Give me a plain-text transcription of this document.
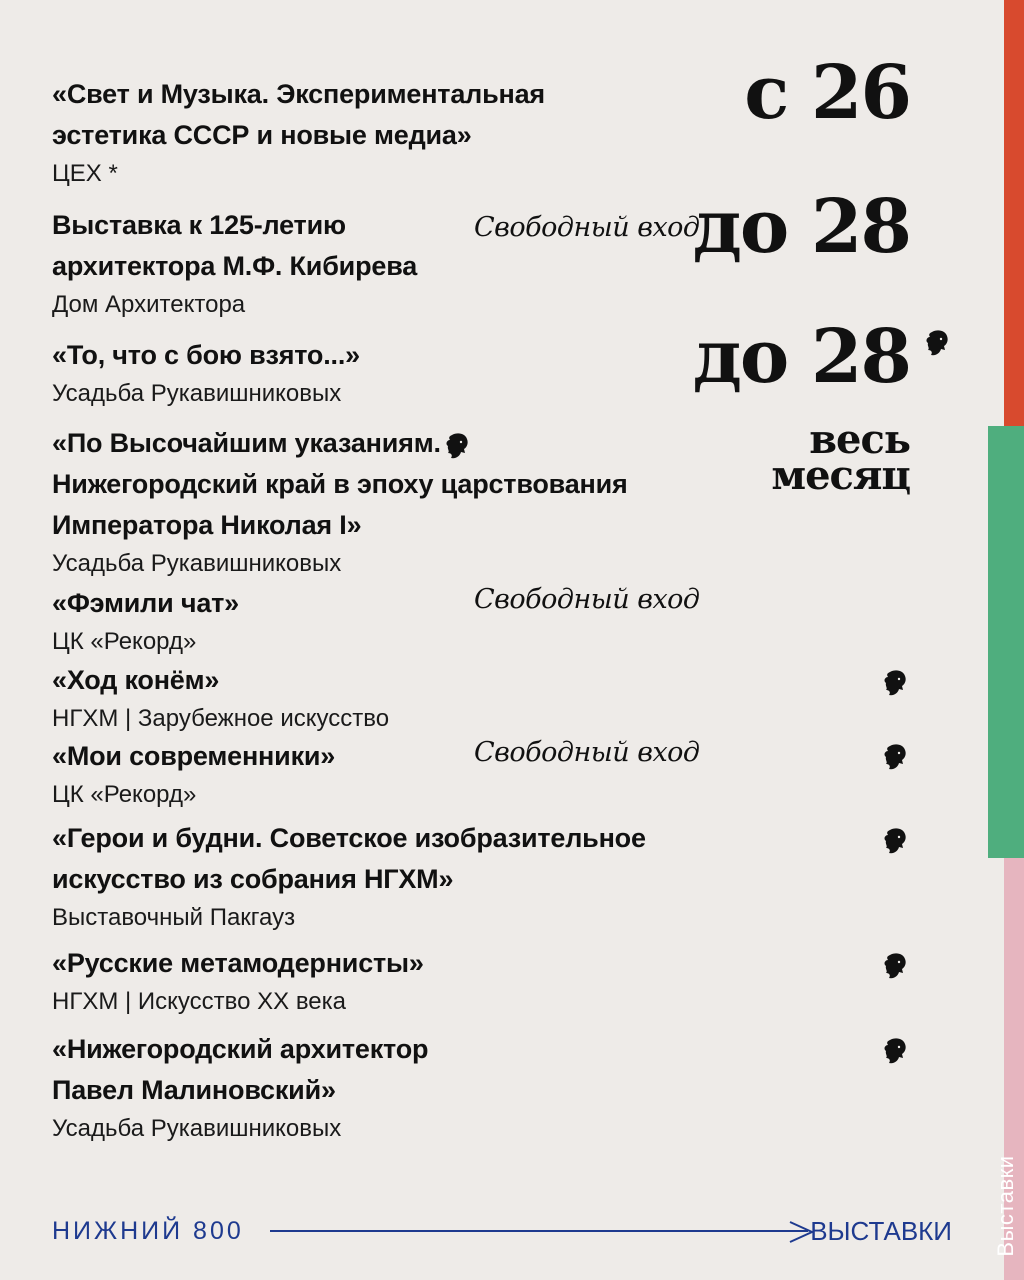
Выставки
«Свет и Музыка. Экспериментальная
эстетика СССР и новые медиа»
ЦЕХ *
с 26
Выставка к 125-летию
архитектора М.Ф. Кибирева
Дом Архитектора
Свободный вход
до 28
«То, что с бою взято...»
Усадьба Рукавишниковых	до 28
«По Высочайшим указаниям.
Нижегородский край в эпоху царствования
Императора Николая I»
Усадьба Рукавишниковых
весь
месяц
«Фэмили чат»
ЦК «Рекорд»
Свободный вход
«Ход конём»
НГХМ | Зарубежное искусство
«Мои современники»
ЦК «Рекорд»
Свободный вход
«Герои и будни. Советское изобразительное
искусство из собрания НГХМ»
Выставочный Пакгауз
«Русские метамодернисты»
НГХМ | Искусство XX века
«Нижегородский архитектор
Павел Малиновский»
Усадьба Рукавишниковых
НИЖНИЙ 800	ВЫСТАВКИ
